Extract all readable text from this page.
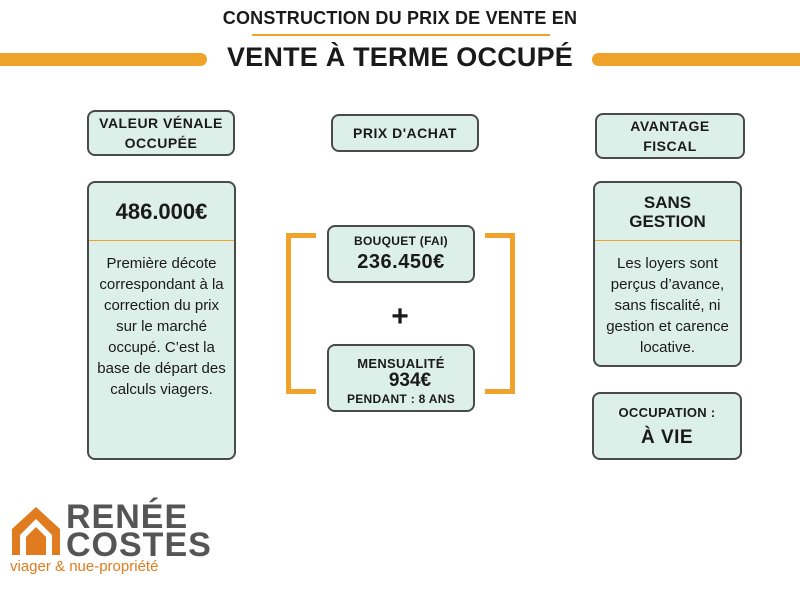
CONSTRUCTION DU PRIX DE VENTE EN
VENTE À TERME OCCUPÉ
VALEUR VÉNALE OCCUPÉE
486.000€
Première décote correspondant à la correction du prix sur le marché occupé. C’est la base de départ des calculs viagers.
PRIX D'ACHAT
BOUQUET (FAI)
236.450€
+
MENSUALITÉ
934€
PENDANT : 8 ANS
AVANTAGE FISCAL
SANS GESTION
Les loyers sont perçus d’avance, sans fiscalité, ni gestion et carence locative.
OCCUPATION :
À VIE
RENÉE
COSTES
viager & nue-propriété
